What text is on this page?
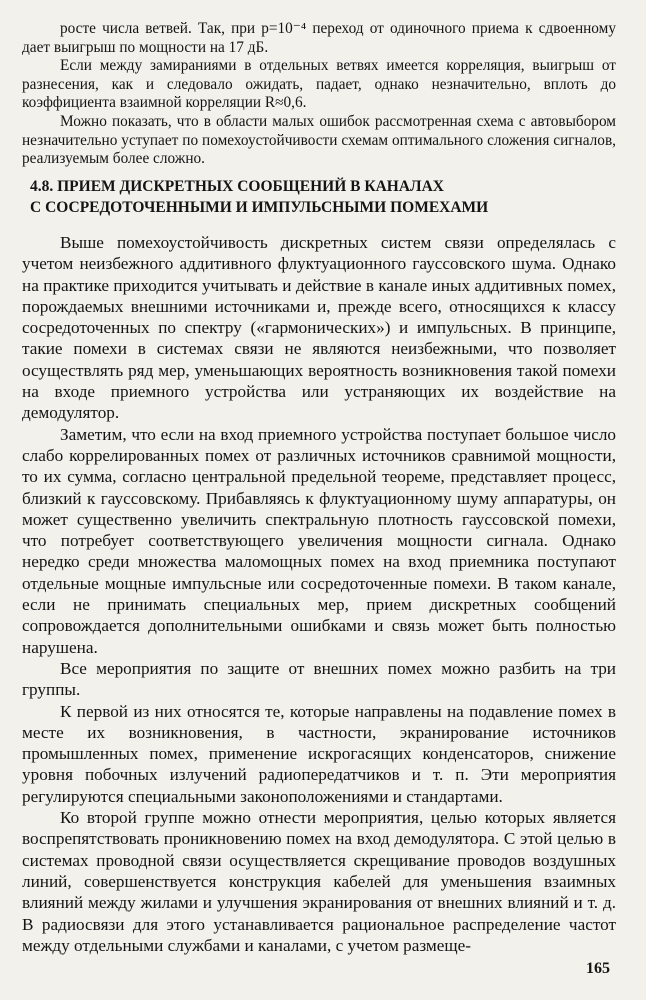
росте числа ветвей. Так, при p=10⁻⁴ переход от одиночного приема к сдвоенному дает выигрыш по мощности на 17 дБ.

Если между замираниями в отдельных ветвях имеется корреляция, выигрыш от разнесения, как и следовало ожидать, падает, однако незначительно, вплоть до коэффициента взаимной корреляции R≈0,6.

Можно показать, что в области малых ошибок рассмотренная схема с автовыбором незначительно уступает по помехоустойчивости схемам оптимального сложения сигналов, реализуемым более сложно.

4.8. ПРИЕМ ДИСКРЕТНЫХ СООБЩЕНИЙ В КАНАЛАХ
С СОСРЕДОТОЧЕННЫМИ И ИМПУЛЬСНЫМИ ПОМЕХАМИ

Выше помехоустойчивость дискретных систем связи определялась с учетом неизбежного аддитивного флуктуационного гауссовского шума. Однако на практике приходится учитывать и действие в канале иных аддитивных помех, порождаемых внешними источниками и, прежде всего, относящихся к классу сосредоточенных по спектру («гармонических») и импульсных. В принципе, такие помехи в системах связи не являются неизбежными, что позволяет осуществлять ряд мер, уменьшающих вероятность возникновения такой помехи на входе приемного устройства или устраняющих их воздействие на демодулятор.

Заметим, что если на вход приемного устройства поступает большое число слабо коррелированных помех от различных источников сравнимой мощности, то их сумма, согласно центральной предельной теореме, представляет процесс, близкий к гауссовскому. Прибавляясь к флуктуационному шуму аппаратуры, он может существенно увеличить спектральную плотность гауссовской помехи, что потребует соответствующего увеличения мощности сигнала. Однако нередко среди множества маломощных помех на вход приемника поступают отдельные мощные импульсные или сосредоточенные помехи. В таком канале, если не принимать специальных мер, прием дискретных сообщений сопровождается дополнительными ошибками и связь может быть полностью нарушена.

Все мероприятия по защите от внешних помех можно разбить на три группы.

К первой из них относятся те, которые направлены на подавление помех в месте их возникновения, в частности, экранирование источников промышленных помех, применение искрогасящих конденсаторов, снижение уровня побочных излучений радиопередатчиков и т. п. Эти мероприятия регулируются специальными законоположениями и стандартами.

Ко второй группе можно отнести мероприятия, целью которых является воспрепятствовать проникновению помех на вход демодулятора. С этой целью в системах проводной связи осуществляется скрещивание проводов воздушных линий, совершенствуется конструкция кабелей для уменьшения взаимных влияний между жилами и улучшения экранирования от внешних влияний и т. д. В радиосвязи для этого устанавливается рациональное распределение частот между отдельными службами и каналами, с учетом размеще-

165
